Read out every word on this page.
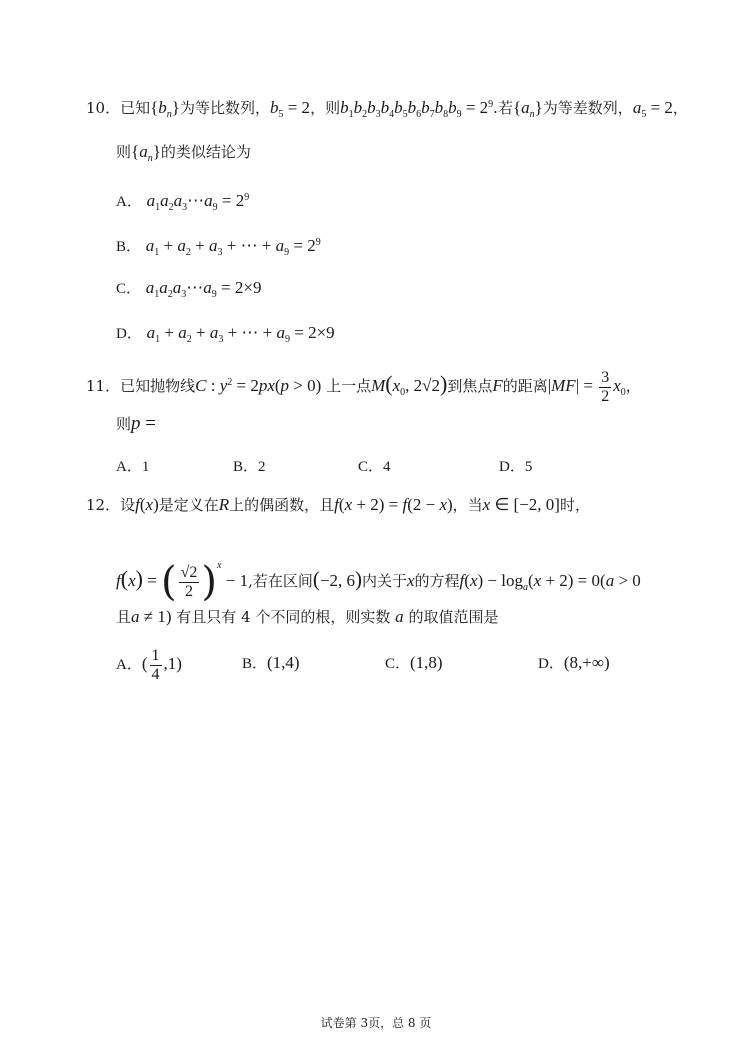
10．已知$\{b_n\}$为等比数列，$b_5 = 2$，则$b_1b_2b_3b_4b_5b_6b_7b_8b_9 = 2^9$.若$\{a_n\}$为等差数列，$a_5 = 2$，
则$\{a_n\}$的类似结论为
A． $a_1a_2a_3\cdots a_9 = 2^9$
B． $a_1 + a_2 + a_3$ + ⋯ + $a_9 = 2^9$
C． $a_1a_2a_3\cdots a_9 = 2\times 9$
D． $a_1 + a_2 + a_3$ + ⋯ + $a_9 = 2\times 9$
11．已知抛物线C : $y^2 = 2px(p > 0)$ 上一点$M(x_0$, 2√2)到焦点F的距离$|MF| = \frac{3}{2} x_0$，
则p =
A．1	B．2	C．4	D．5
12．设f(x)是定义在R上的偶函数，且f(x + 2) = f(2 − x)，当x ∈ [−2, 0]时，
f(x) = ( $\frac{√2}{2} )^x - 1$,若在区间(−2, 6)内关于x的方程$f(x) - \log_a(x + 2) = 0(a > 0$
且a ≠ 1) 有且只有 4 个不同的根，则实数 a 的取值范围是
A．( $\frac{1}{4} ,1$)	B．(1,4)	C．(1,8)	D．(8,+∞)
试卷第 3页，总 8 页
